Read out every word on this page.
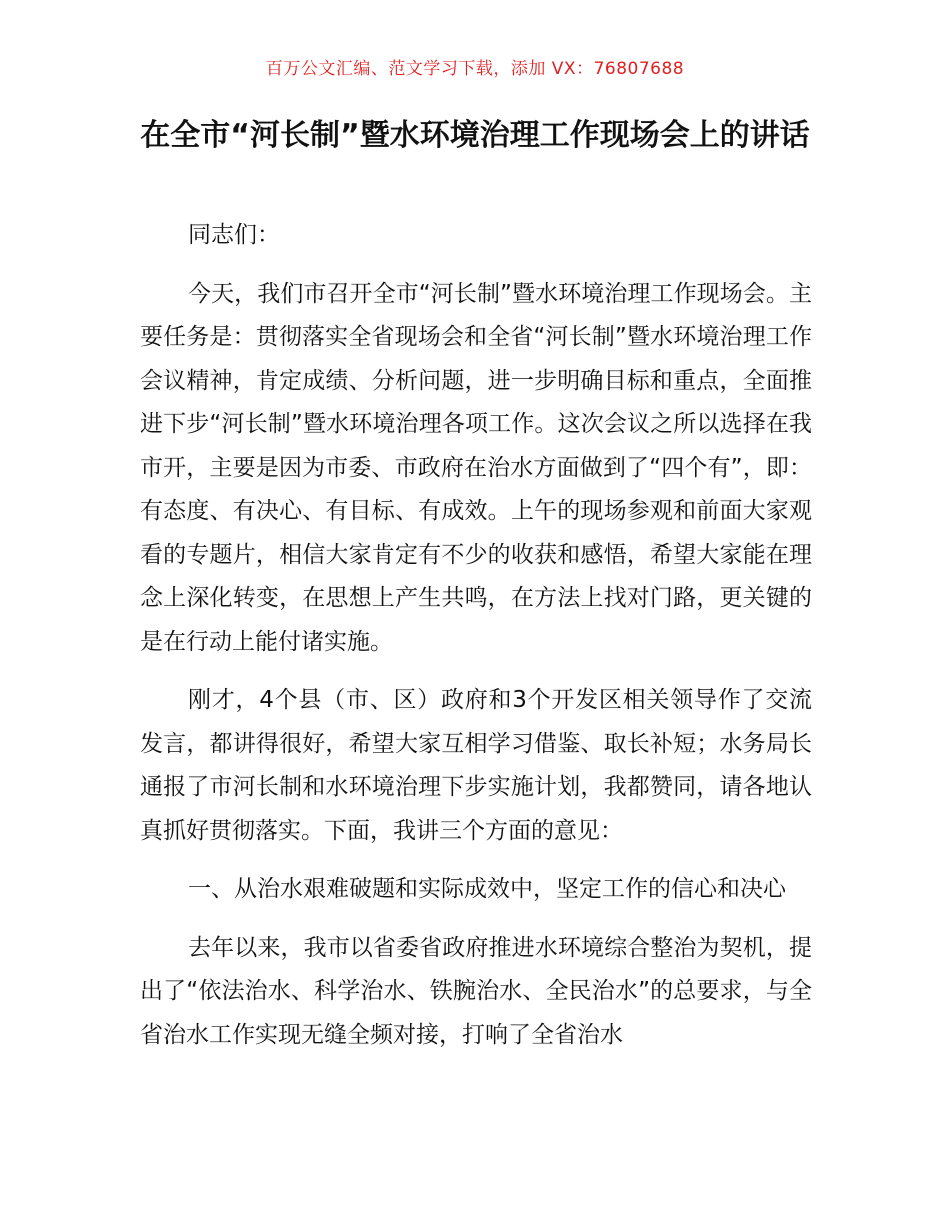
百万公文汇编、范文学习下载，添加 VX：76807688
在全市“河长制”暨水环境治理工作现场会上的讲话

同志们：

今天，我们市召开全市“河长制”暨水环境治理工作现场会。主要任务是：贯彻落实全省现场会和全省“河长制”暨水环境治理工作会议精神，肯定成绩、分析问题，进一步明确目标和重点，全面推进下步“河长制”暨水环境治理各项工作。这次会议之所以选择在我市开，主要是因为市委、市政府在治水方面做到了“四个有”，即：有态度、有决心、有目标、有成效。上午的现场参观和前面大家观看的专题片，相信大家肯定有不少的收获和感悟，希望大家能在理念上深化转变，在思想上产生共鸣，在方法上找对门路，更关键的是在行动上能付诸实施。

刚才，4个县（市、区）政府和3个开发区相关领导作了交流发言，都讲得很好，希望大家互相学习借鉴、取长补短；水务局长通报了市河长制和水环境治理下步实施计划，我都赞同，请各地认真抓好贯彻落实。下面，我讲三个方面的意见：

一、从治水艰难破题和实际成效中，坚定工作的信心和决心

去年以来，我市以省委省政府推进水环境综合整治为契机，提出了“依法治水、科学治水、铁腕治水、全民治水”的总要求，与全省治水工作实现无缝全频对接，打响了全省治水
